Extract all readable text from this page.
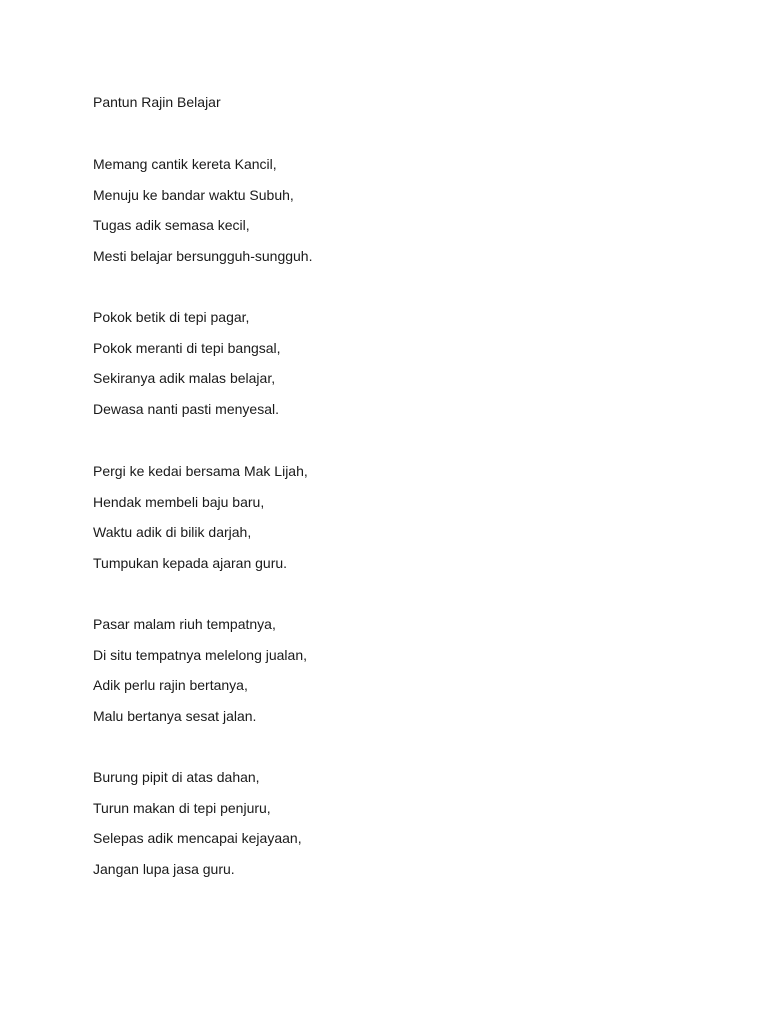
Pantun Rajin Belajar
Memang cantik kereta Kancil,
Menuju ke bandar waktu Subuh,
Tugas adik semasa kecil,
Mesti belajar bersungguh-sungguh.
Pokok betik di tepi pagar,
Pokok meranti di tepi bangsal,
Sekiranya adik malas belajar,
Dewasa nanti pasti menyesal.
Pergi ke kedai bersama Mak Lijah,
Hendak membeli baju baru,
Waktu adik di bilik darjah,
Tumpukan kepada ajaran guru.
Pasar malam riuh tempatnya,
Di situ tempatnya melelong jualan,
Adik perlu rajin bertanya,
Malu bertanya sesat jalan.
Burung pipit di atas dahan,
Turun makan di tepi penjuru,
Selepas adik mencapai kejayaan,
Jangan lupa jasa guru.
